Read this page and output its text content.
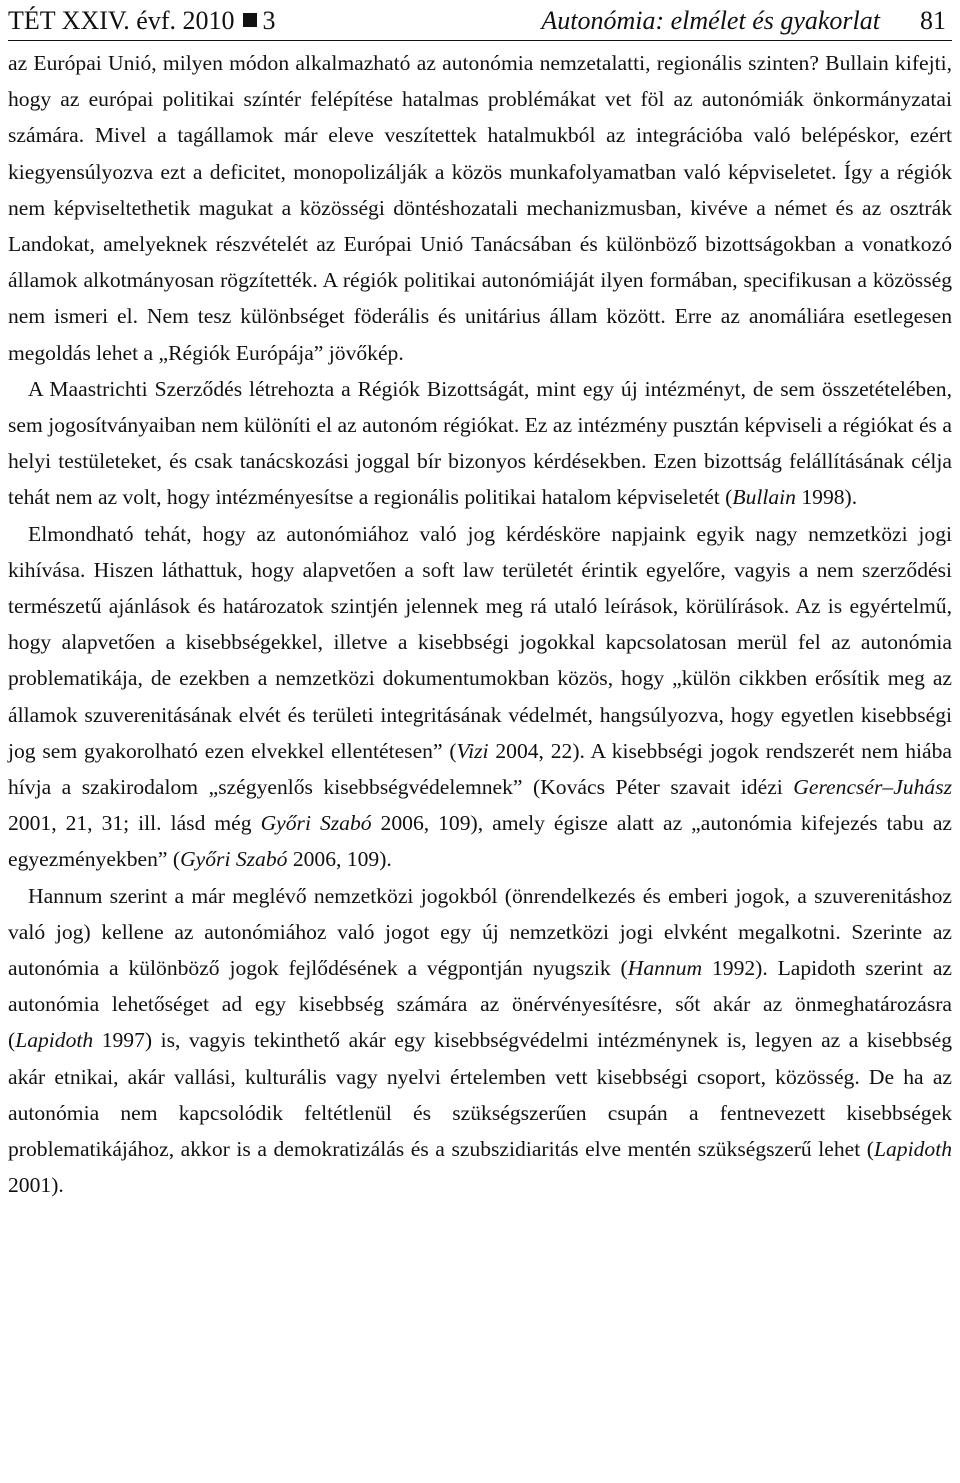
TÉT XXIV. évf. 2010 3	Autonómia: elmélet és gyakorlat 81

az Európai Unió, milyen módon alkalmazható az autonómia nemzetalatti, regionális szinten? Bullain kifejti, hogy az európai politikai színtér felépítése hatalmas problémákat vet föl az autonómiák önkormányzatai számára. Mivel a tagállamok már eleve veszítettek hatalmukból az integrációba való belépéskor, ezért kiegyensúlyozva ezt a deficitet, monopolizálják a közös munkafolyamatban való képviseletet. Így a régiók nem képviseltethetik magukat a közösségi döntéshozatali mechanizmusban, kivéve a német és az osztrák Landokat, amelyeknek részvételét az Európai Unió Tanácsában és különböző bizottságokban a vonatkozó államok alkotmányosan rögzítették. A régiók politikai autonómiáját ilyen formában, specifikusan a közösség nem ismeri el. Nem tesz különbséget föderális és unitárius állam között. Erre az anomáliára esetlegesen megoldás lehet a „Régiók Európája” jövőkép.

A Maastrichti Szerződés létrehozta a Régiók Bizottságát, mint egy új intézményt, de sem összetételében, sem jogosítványaiban nem különíti el az autonóm régiókat. Ez az intézmény pusztán képviseli a régiókat és a helyi testületeket, és csak tanácskozási joggal bír bizonyos kérdésekben. Ezen bizottság felállításának célja tehát nem az volt, hogy intézményesítse a regionális politikai hatalom képviseletét (Bullain 1998).

Elmondható tehát, hogy az autonómiához való jog kérdésköre napjaink egyik nagy nemzetközi jogi kihívása. Hiszen láthattuk, hogy alapvetően a soft law területét érintik egyelőre, vagyis a nem szerződési természetű ajánlások és határozatok szintjén jelennek meg rá utaló leírások, körülírások. Az is egyértelmű, hogy alapvetően a kisebbségekkel, illetve a kisebbségi jogokkal kapcsolatosan merül fel az autonómia problematikája, de ezekben a nemzetközi dokumentumokban közös, hogy „külön cikkben erősítik meg az államok szuverenitásának elvét és területi integritásának védelmét, hangsúlyozva, hogy egyetlen kisebbségi jog sem gyakorolható ezen elvekkel ellentétesen” (Vizi 2004, 22). A kisebbségi jogok rendszerét nem hiába hívja a szakirodalom „szégyenlős kisebbségvédelemnek” (Kovács Péter szavait idézi Gerencsér–Juhász 2001, 21, 31; ill. lásd még Győri Szabó 2006, 109), amely égisze alatt az „autonómia kifejezés tabu az egyezményekben” (Győri Szabó 2006, 109).

Hannum szerint a már meglévő nemzetközi jogokból (önrendelkezés és emberi jogok, a szuverenitáshoz való jog) kellene az autonómiához való jogot egy új nemzetközi jogi elvként megalkotni. Szerinte az autonómia a különböző jogok fejlődésének a végpontján nyugszik (Hannum 1992). Lapidoth szerint az autonómia lehetőséget ad egy kisebbség számára az önérvényesítésre, sőt akár az önmeghatározásra (Lapidoth 1997) is, vagyis tekinthető akár egy kisebbségvédelmi intézménynek is, legyen az a kisebbség akár etnikai, akár vallási, kulturális vagy nyelvi értelemben vett kisebbségi csoport, közösség. De ha az autonómia nem kapcsolódik feltétlenül és szükségszerűen csupán a fentnevezett kisebbségek problematikájához, akkor is a demokratizálás és a szubszidiaritás elve mentén szükségszerű lehet (Lapidoth 2001).
